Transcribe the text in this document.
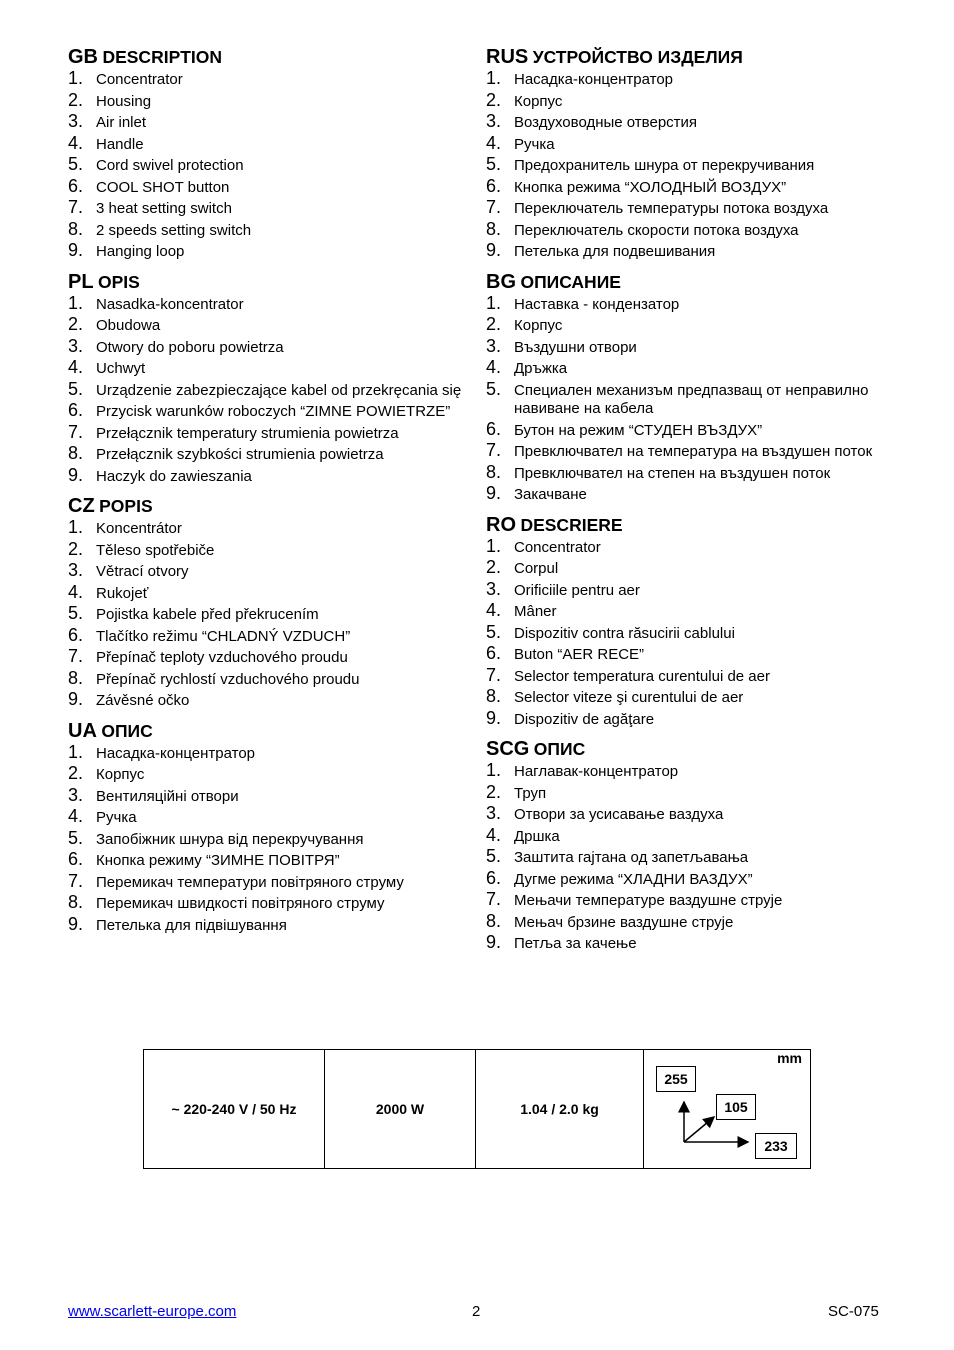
GB DESCRIPTION
1. Concentrator
2. Housing
3. Air inlet
4. Handle
5. Cord swivel protection
6. COOL SHOT button
7. 3 heat setting switch
8. 2 speeds setting switch
9. Hanging loop
PL OPIS
1. Nasadka-koncentrator
2. Obudowa
3. Otwory do poboru powietrza
4. Uchwyt
5. Urządzenie zabezpieczające kabel od przekręcania się
6. Przycisk warunków roboczych “ZIMNE POWIETRZE”
7. Przełącznik temperatury strumienia powietrza
8. Przełącznik szybkości strumienia powietrza
9. Haczyk do zawieszania
CZ POPIS
1. Koncentrátor
2. Těleso spotřebiče
3. Větrací otvory
4. Rukojeť
5. Pojistka kabele před překrucením
6. Tlačítko režimu “CHLADNÝ VZDUCH”
7. Přepínač teploty vzduchového proudu
8. Přepínač rychlostí vzduchového proudu
9. Závěsné očko
UA ОПИС
1. Насадка-концентратор
2. Корпус
3. Вентиляційні отвори
4. Ручка
5. Запобіжник шнура від перекручування
6. Кнопка режиму “ЗИМНЕ ПОВІТРЯ”
7. Перемикач температури повітряного струму
8. Перемикач швидкості повітряного струму
9. Петелька для підвішування
RUS УСТРОЙСТВО ИЗДЕЛИЯ
1. Насадка-концентратор
2. Корпус
3. Воздуховодные отверстия
4. Ручка
5. Предохранитель шнура от перекручивания
6. Кнопка режима “ХОЛОДНЫЙ ВОЗДУХ”
7. Переключатель температуры потока воздуха
8. Переключатель скорости потока воздуха
9. Петелька для подвешивания
BG ОПИСАНИЕ
1. Наставка - кондензатор
2. Корпус
3. Въздушни отвори
4. Дръжка
5. Специален механизъм предпазващ от неправилно навиване на кабела
6. Бутон на режим “СТУДЕН ВЪЗДУХ”
7. Превключвател на температура на въздушен поток
8. Превключвател на степен на въздушен поток
9. Закачване
RO DESCRIERE
1. Concentrator
2. Corpul
3. Orificiile pentru aer
4. Mâner
5. Dispozitiv contra răsucirii cablului
6. Buton “AER RECE”
7. Selector temperatura curentului de aer
8. Selector viteze şi curentului de aer
9. Dispozitiv de agăţare
SCG ОПИС
1. Наглавак-концентратор
2. Труп
3. Отвори за усисавање ваздуха
4. Дршка
5. Заштита гајтана од запетљавања
6. Дугме режима “ХЛАДНИ ВАЗДУХ”
7. Мењачи температуре ваздушне струје
8. Мењач брзине ваздушне струје
9. Петља за качење
~ 220-240 V / 50 Hz	2000 W	1.04 / 2.0 kg
mm
255
105
233
www.scarlett-europe.com	2	SC-075
